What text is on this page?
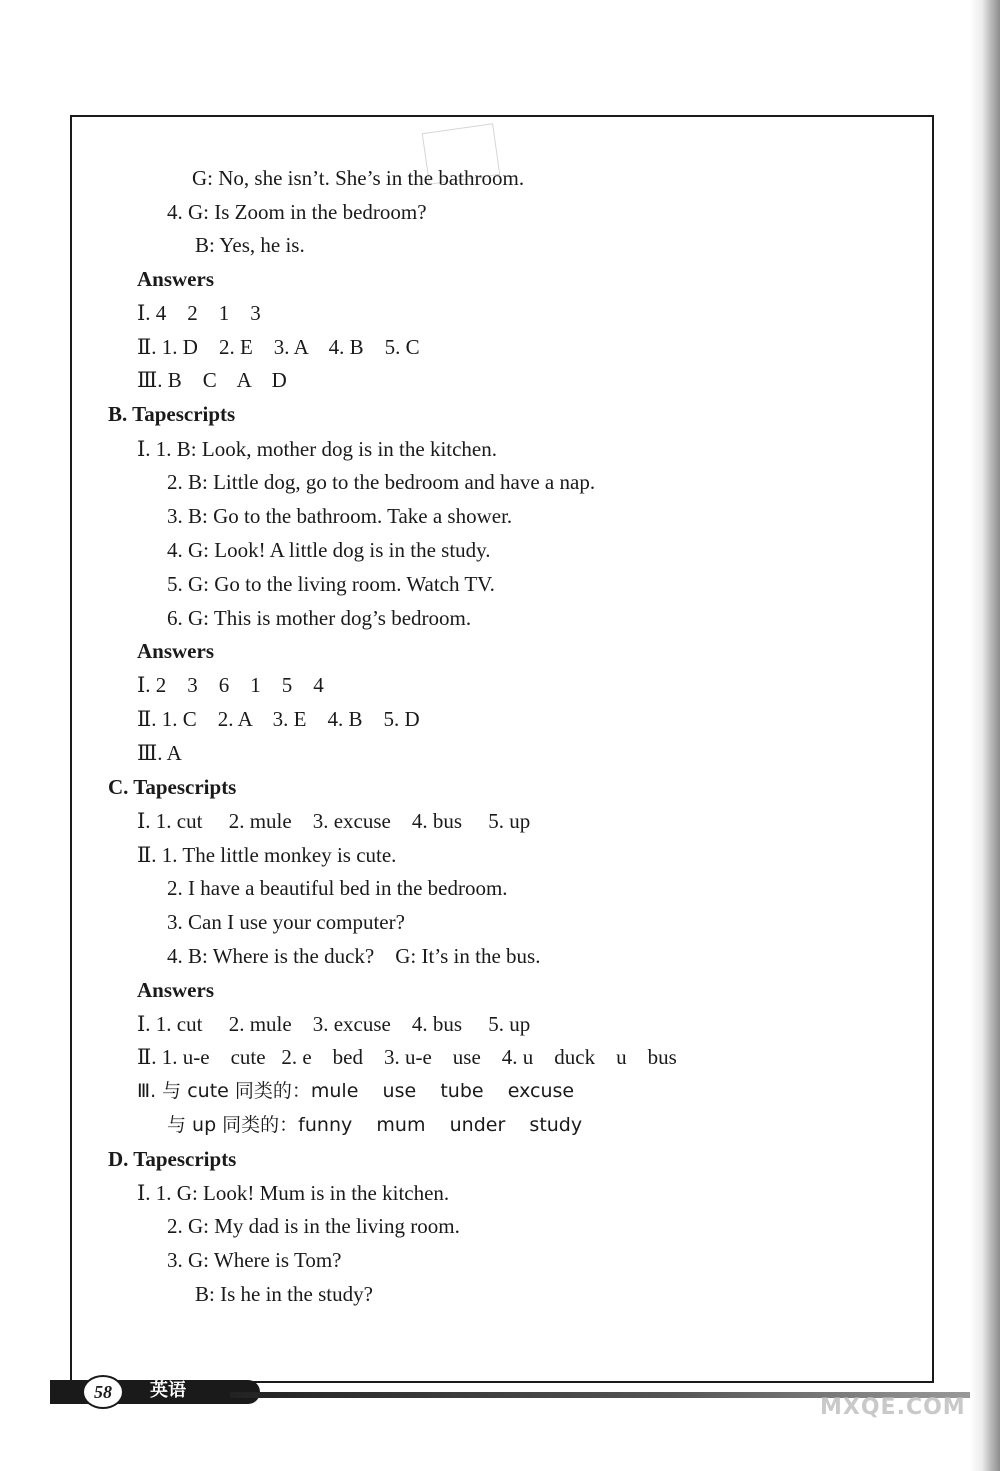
G: No, she isn’t. She’s in the bathroom.
4. G: Is Zoom in the bedroom?
B: Yes, he is.
Answers
Ⅰ. 4    2    1    3
Ⅱ. 1. D    2. E    3. A    4. B    5. C
Ⅲ. B    C    A    D
B. Tapescripts
Ⅰ. 1. B: Look, mother dog is in the kitchen.
2. B: Little dog, go to the bedroom and have a nap.
3. B: Go to the bathroom. Take a shower.
4. G: Look! A little dog is in the study.
5. G: Go to the living room. Watch TV.
6. G: This is mother dog’s bedroom.
Answers
Ⅰ. 2    3    6    1    5    4
Ⅱ. 1. C    2. A    3. E    4. B    5. D
Ⅲ. A
C. Tapescripts
Ⅰ. 1. cut     2. mule    3. excuse    4. bus     5. up
Ⅱ. 1. The little monkey is cute.
2. I have a beautiful bed in the bedroom.
3. Can I use your computer?
4. B: Where is the duck?    G: It’s in the bus.
Answers
Ⅰ. 1. cut     2. mule    3. excuse    4. bus     5. up
Ⅱ. 1. u-e    cute   2. e    bed    3. u-e    use    4. u    duck    u    bus
Ⅲ. 与 cute 同类的：mule    use    tube    excuse
与 up 同类的：funny    mum    under    study
D. Tapescripts
Ⅰ. 1. G: Look! Mum is in the kitchen.
2. G: My dad is in the living room.
3. G: Where is Tom?
B: Is he in the study?
58	英语
MXQE.COM
